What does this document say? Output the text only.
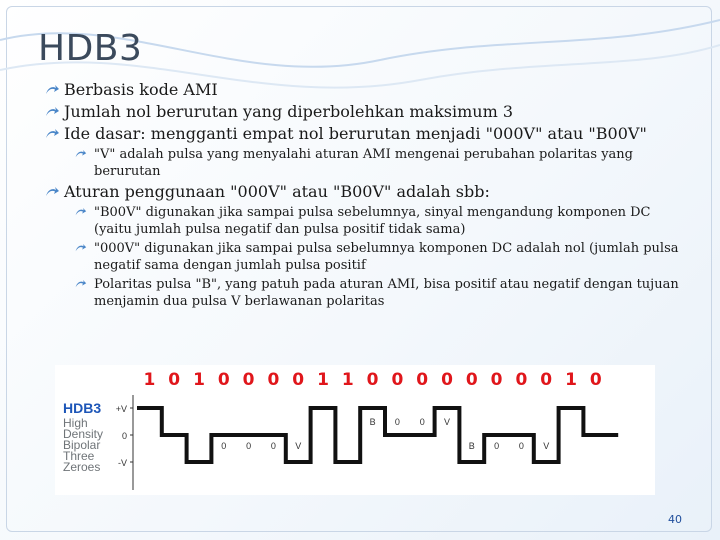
HDB3
Berbasis kode AMI
Jumlah nol berurutan yang diperbolehkan maksimum 3
Ide dasar: mengganti empat nol berurutan menjadi "000V" atau "B00V"
"V" adalah pulsa yang menyalahi aturan AMI mengenai perubahan polaritas yang berurutan
Aturan penggunaan "000V" atau "B00V" adalah sbb:
"B00V" digunakan jika sampai pulsa sebelumnya, sinyal mengandung komponen DC (yaitu jumlah pulsa negatif dan pulsa positif tidak sama)
"000V" digunakan jika sampai pulsa sebelumnya komponen DC adalah nol (jumlah pulsa negatif sama dengan jumlah pulsa positif
Polaritas pulsa "B", yang patuh pada aturan AMI, bisa positif atau negatif dengan tujuan menjamin dua pulsa V berlawanan polaritas
1 0 1 0 0 0 0 1 1 0 0 0 0 0 0 0 0 1 0
HDB3
High
Density
Bipolar
Three
Zeroes
+V
0
-V
0 0 0 V
B 0 0 V
B 0 0 V
40
